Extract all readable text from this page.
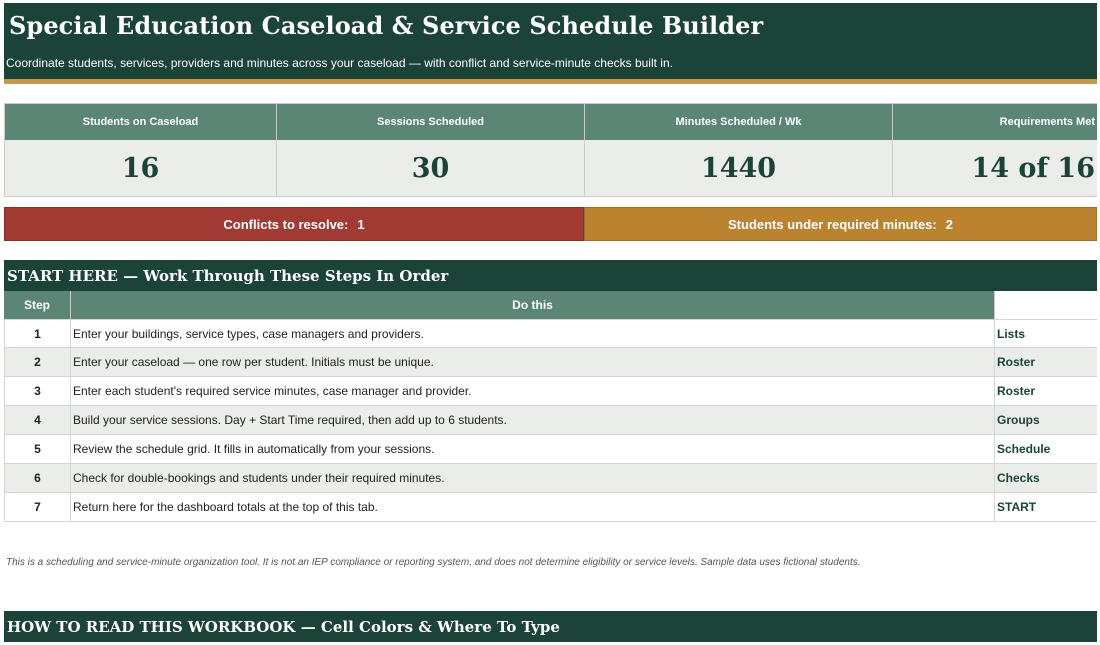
Special Education Caseload & Service Schedule Builder
Coordinate students, services, providers and minutes across your caseload — with conflict and service-minute checks built in.
Students on Caseload
16
Sessions Scheduled
30
Minutes Scheduled / Wk
1440
Requirements Met
14 of 16
Conflicts to resolve: 1	Students under required minutes: 2
START HERE — Work Through These Steps In Order
Step	Do this
1	Enter your buildings, service types, case managers and providers.	Lists
2	Enter your caseload — one row per student. Initials must be unique.	Roster
3	Enter each student's required service minutes, case manager and provider.	Roster
4	Build your service sessions. Day + Start Time required, then add up to 6 students.	Groups
5	Review the schedule grid. It fills in automatically from your sessions.	Schedule
6	Check for double-bookings and students under their required minutes.	Checks
7	Return here for the dashboard totals at the top of this tab.	START
This is a scheduling and service-minute organization tool. It is not an IEP compliance or reporting system, and does not determine eligibility or service levels. Sample data uses fictional students.
HOW TO READ THIS WORKBOOK — Cell Colors & Where To Type
